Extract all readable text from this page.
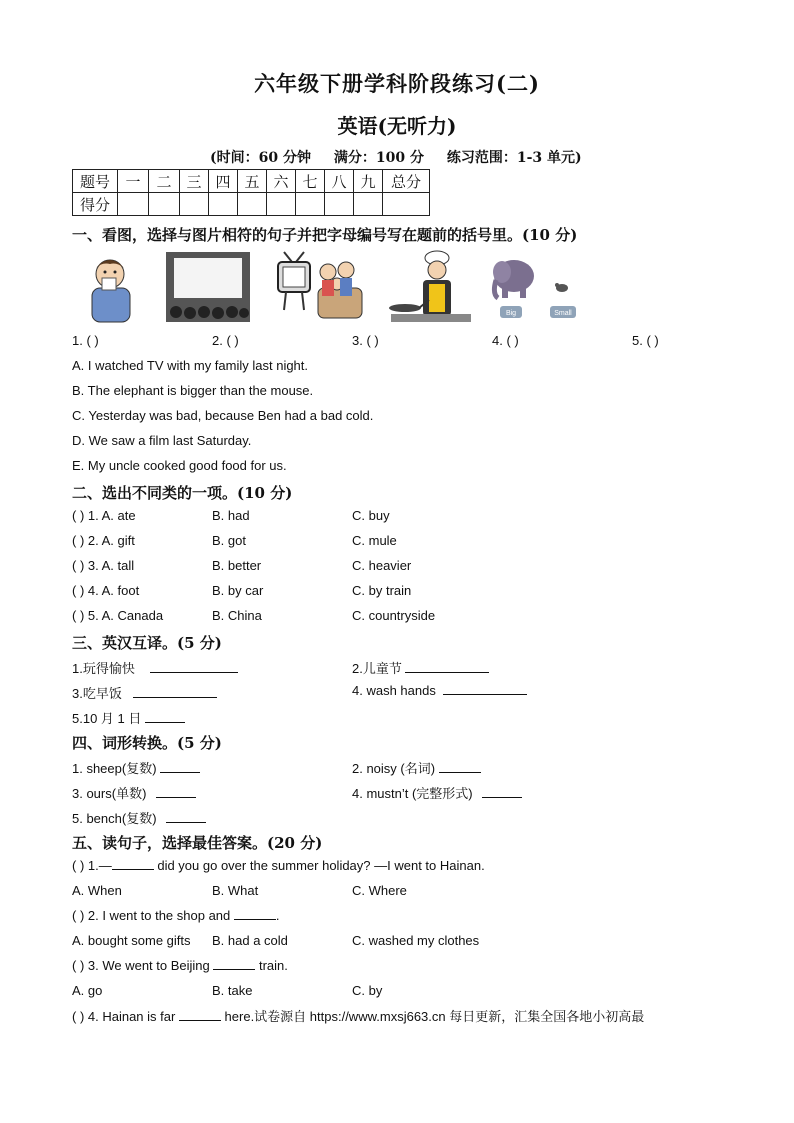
六年级下册学科阶段练习(二)
英语(无听力)
(时间：60 分钟 满分：100 分 练习范围：1-3 单元)
题号	一	二	三	四	五	六	七	八	九	总分
得分										
一、看图，选择与图片相符的句子并把字母编号写在题前的括号里。(10 分)
Big	Small
1. ( )	2. ( )	3. ( )	4. ( )	5. ( )
A. I watched TV with my family last night.
B. The elephant is bigger than the mouse.
C. Yesterday was bad, because Ben had a bad cold.
D. We saw a film last Saturday.
E. My uncle cooked good food for us.
二、选出不同类的一项。(10 分)
( ) 1. A. ate	B. had	C. buy
( ) 2. A. gift	B. got	C. mule
( ) 3. A. tall	B. better	C. heavier
( ) 4. A. foot	B. by car	C. by train
( ) 5. A. Canada	B. China	C. countryside
三、英汉互译。(5 分)
1.玩得愉快	2.儿童节
3.吃早饭	4. wash hands
5.10 月 1 日
四、词形转换。(5 分)
1. sheep(复数)	2. noisy (名词)
3. ours(单数)	4. mustn’t (完整形式)
5. bench(复数)
五、读句子，选择最佳答案。(20 分)
( ) 1.—	did you go over the summer holiday? —I went to Hainan.
A. When	B. What	C. Where
( ) 2. I went to the shop and	.
A. bought some gifts B. had a cold	C. washed my clothes
( ) 3. We went to Beijing	train.
A. go	B. take	C. by
( ) 4. Hainan is far	here.试卷源自 https://www.mxsj663.cn 每日更新，汇集全国各地小初高最
